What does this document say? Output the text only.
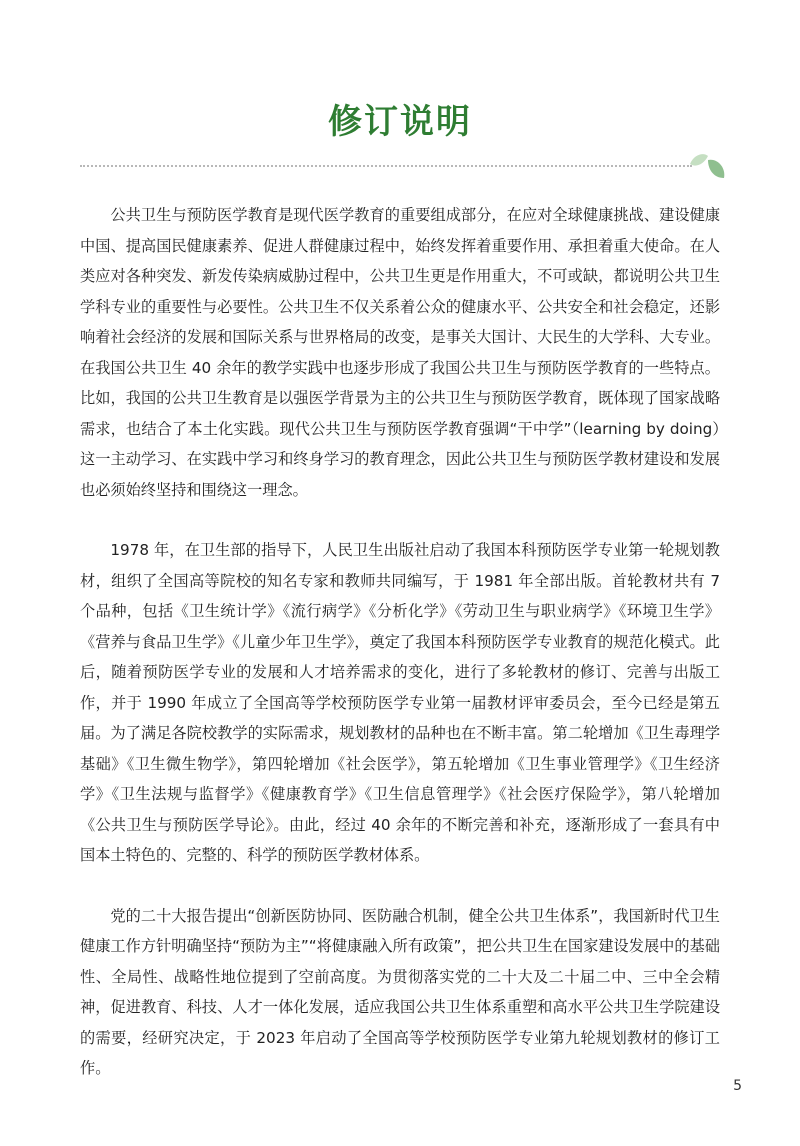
修订说明

公共卫生与预防医学教育是现代医学教育的重要组成部分，在应对全球健康挑战、建设健康中国、提高国民健康素养、促进人群健康过程中，始终发挥着重要作用、承担着重大使命。在人类应对各种突发、新发传染病威胁过程中，公共卫生更是作用重大，不可或缺，都说明公共卫生学科专业的重要性与必要性。公共卫生不仅关系着公众的健康水平、公共安全和社会稳定，还影响着社会经济的发展和国际关系与世界格局的改变，是事关大国计、大民生的大学科、大专业。在我国公共卫生 40 余年的教学实践中也逐步形成了我国公共卫生与预防医学教育的一些特点。比如，我国的公共卫生教育是以强医学背景为主的公共卫生与预防医学教育，既体现了国家战略需求，也结合了本土化实践。现代公共卫生与预防医学教育强调“干中学”（learning by doing）这一主动学习、在实践中学习和终身学习的教育理念，因此公共卫生与预防医学教材建设和发展也必须始终坚持和围绕这一理念。

1978 年，在卫生部的指导下，人民卫生出版社启动了我国本科预防医学专业第一轮规划教材，组织了全国高等院校的知名专家和教师共同编写，于 1981 年全部出版。首轮教材共有 7 个品种，包括《卫生统计学》《流行病学》《分析化学》《劳动卫生与职业病学》《环境卫生学》《营养与食品卫生学》《儿童少年卫生学》，奠定了我国本科预防医学专业教育的规范化模式。此后，随着预防医学专业的发展和人才培养需求的变化，进行了多轮教材的修订、完善与出版工作，并于 1990 年成立了全国高等学校预防医学专业第一届教材评审委员会，至今已经是第五届。为了满足各院校教学的实际需求，规划教材的品种也在不断丰富。第二轮增加《卫生毒理学基础》《卫生微生物学》，第四轮增加《社会医学》，第五轮增加《卫生事业管理学》《卫生经济学》《卫生法规与监督学》《健康教育学》《卫生信息管理学》《社会医疗保险学》，第八轮增加《公共卫生与预防医学导论》。由此，经过 40 余年的不断完善和补充，逐渐形成了一套具有中国本土特色的、完整的、科学的预防医学教材体系。

党的二十大报告提出“创新医防协同、医防融合机制，健全公共卫生体系”，我国新时代卫生健康工作方针明确坚持“预防为主”“将健康融入所有政策”，把公共卫生在国家建设发展中的基础性、全局性、战略性地位提到了空前高度。为贯彻落实党的二十大及二十届二中、三中全会精神，促进教育、科技、人才一体化发展，适应我国公共卫生体系重塑和高水平公共卫生学院建设的需要，经研究决定，于 2023 年启动了全国高等学校预防医学专业第九轮规划教材的修订工作。

5
